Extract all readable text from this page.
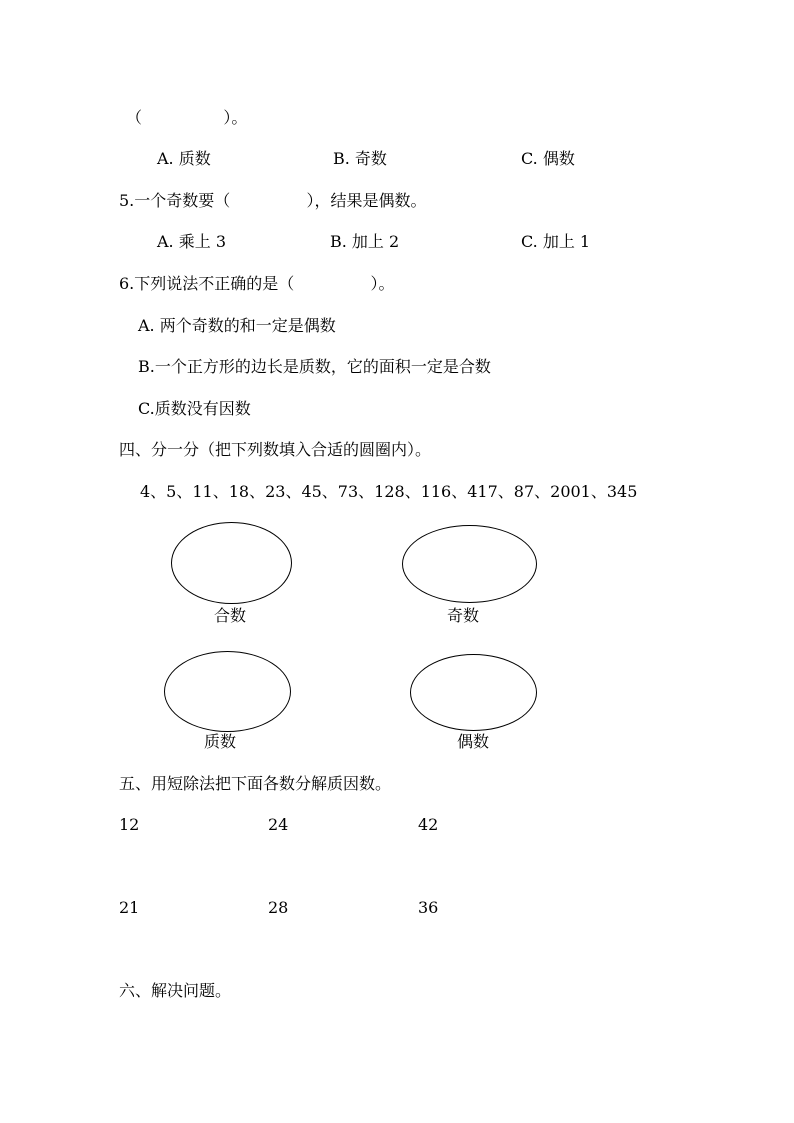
（                ）。
A. 质数	B. 奇数	C. 偶数
5.一个奇数要（               ），结果是偶数。
A. 乘上 3	B. 加上 2	C. 加上 1
6.下列说法不正确的是（               ）。
A. 两个奇数的和一定是偶数
B.一个正方形的边长是质数，它的面积一定是合数
C.质数没有因数
四、分一分（把下列数填入合适的圆圈内）。
4、5、11、18、23、45、73、128、116、417、87、2001、345
合数	奇数
质数	偶数
五、用短除法把下面各数分解质因数。
12	24	42
21	28	36
六、解决问题。
